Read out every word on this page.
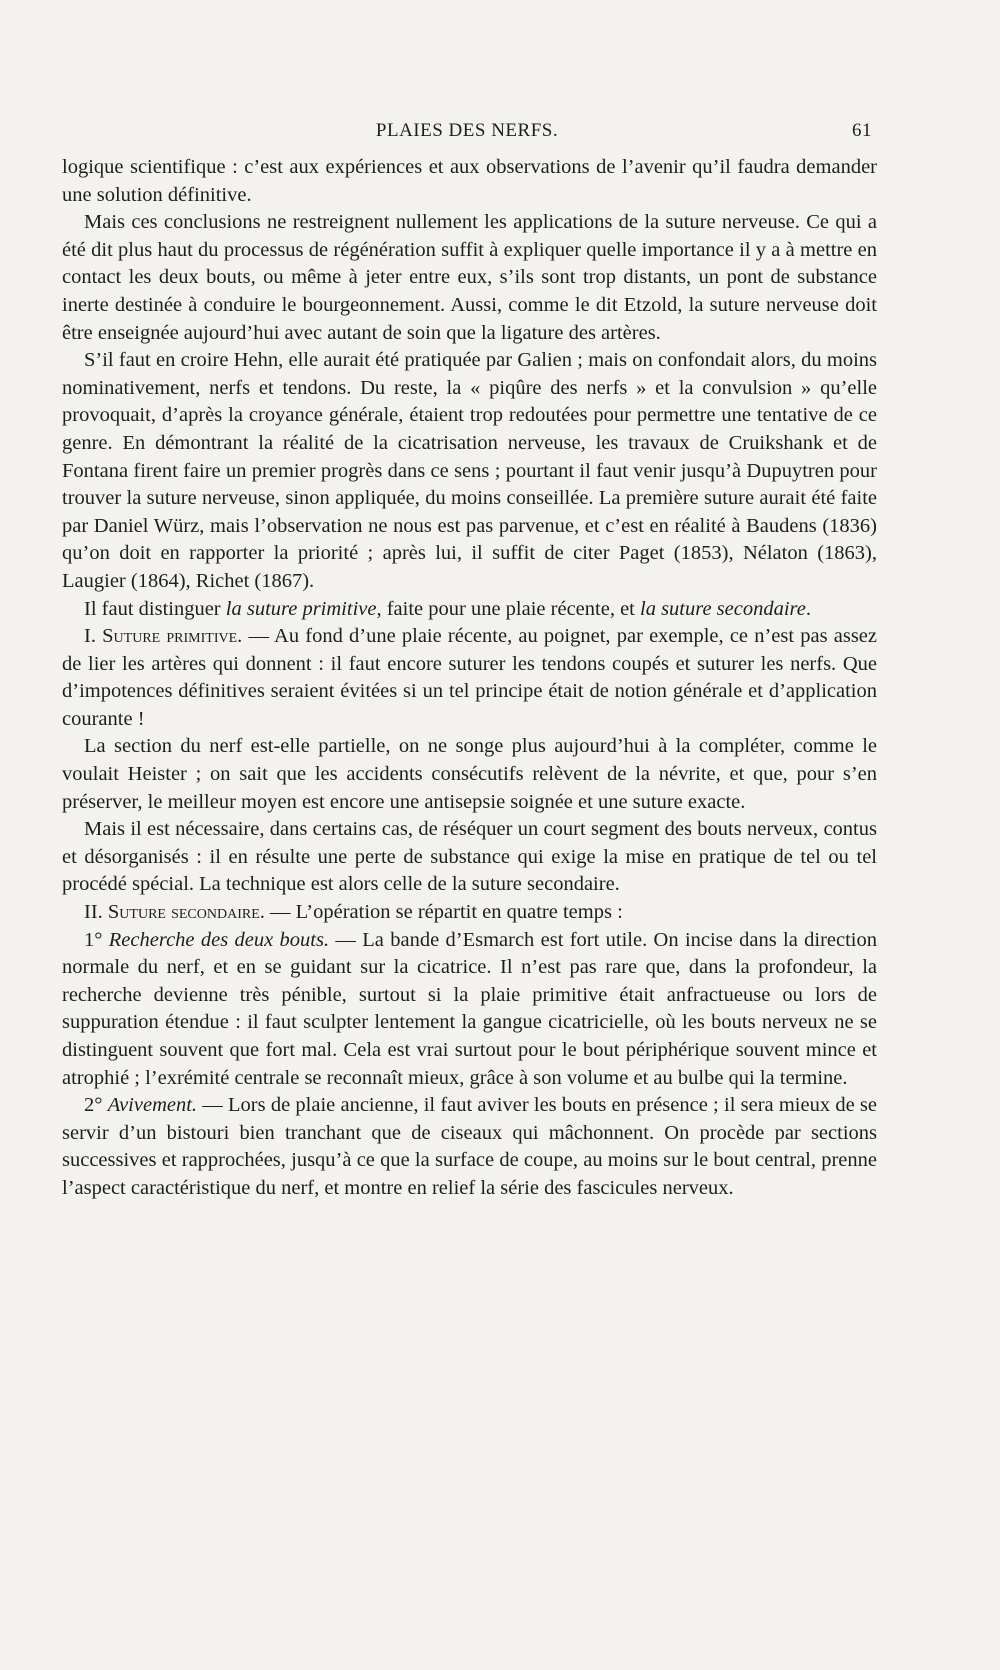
PLAIES DES NERFS.	61

logique scientifique : c’est aux expériences et aux observations de l’avenir qu’il faudra demander une solution définitive.

Mais ces conclusions ne restreignent nullement les applications de la suture nerveuse. Ce qui a été dit plus haut du processus de régénération suffit à expliquer quelle importance il y a à mettre en contact les deux bouts, ou même à jeter entre eux, s’ils sont trop distants, un pont de substance inerte destinée à conduire le bourgeonnement. Aussi, comme le dit Etzold, la suture nerveuse doit être enseignée aujourd’hui avec autant de soin que la ligature des artères.

S’il faut en croire Hehn, elle aurait été pratiquée par Galien ; mais on confondait alors, du moins nominativement, nerfs et tendons. Du reste, la « piqûre des nerfs » et la convulsion » qu’elle provoquait, d’après la croyance générale, étaient trop redoutées pour permettre une tentative de ce genre. En démontrant la réalité de la cicatrisation nerveuse, les travaux de Cruikshank et de Fontana firent faire un premier progrès dans ce sens ; pourtant il faut venir jusqu’à Dupuytren pour trouver la suture nerveuse, sinon appliquée, du moins conseillée. La première suture aurait été faite par Daniel Würz, mais l’observation ne nous est pas parvenue, et c’est en réalité à Baudens (1836) qu’on doit en rapporter la priorité ; après lui, il suffit de citer Paget (1853), Nélaton (1863), Laugier (1864), Richet (1867).

Il faut distinguer la suture primitive, faite pour une plaie récente, et la suture secondaire.

I. Suture primitive. — Au fond d’une plaie récente, au poignet, par exemple, ce n’est pas assez de lier les artères qui donnent : il faut encore suturer les tendons coupés et suturer les nerfs. Que d’impotences définitives seraient évitées si un tel principe était de notion générale et d’application courante !

La section du nerf est-elle partielle, on ne songe plus aujourd’hui à la compléter, comme le voulait Heister ; on sait que les accidents consécutifs relèvent de la névrite, et que, pour s’en préserver, le meilleur moyen est encore une antisepsie soignée et une suture exacte.

Mais il est nécessaire, dans certains cas, de réséquer un court segment des bouts nerveux, contus et désorganisés : il en résulte une perte de substance qui exige la mise en pratique de tel ou tel procédé spécial. La technique est alors celle de la suture secondaire.

II. Suture secondaire. — L’opération se répartit en quatre temps :

1° Recherche des deux bouts. — La bande d’Esmarch est fort utile. On incise dans la direction normale du nerf, et en se guidant sur la cicatrice. Il n’est pas rare que, dans la profondeur, la recherche devienne très pénible, surtout si la plaie primitive était anfractueuse ou lors de suppuration étendue : il faut sculpter lentement la gangue cicatricielle, où les bouts nerveux ne se distinguent souvent que fort mal. Cela est vrai surtout pour le bout périphérique souvent mince et atrophié ; l’exrémité centrale se reconnaît mieux, grâce à son volume et au bulbe qui la termine.

2° Avivement. — Lors de plaie ancienne, il faut aviver les bouts en présence ; il sera mieux de se servir d’un bistouri bien tranchant que de ciseaux qui mâchonnent. On procède par sections successives et rapprochées, jusqu’à ce que la surface de coupe, au moins sur le bout central, prenne l’aspect caractéristique du nerf, et montre en relief la série des fascicules nerveux.
